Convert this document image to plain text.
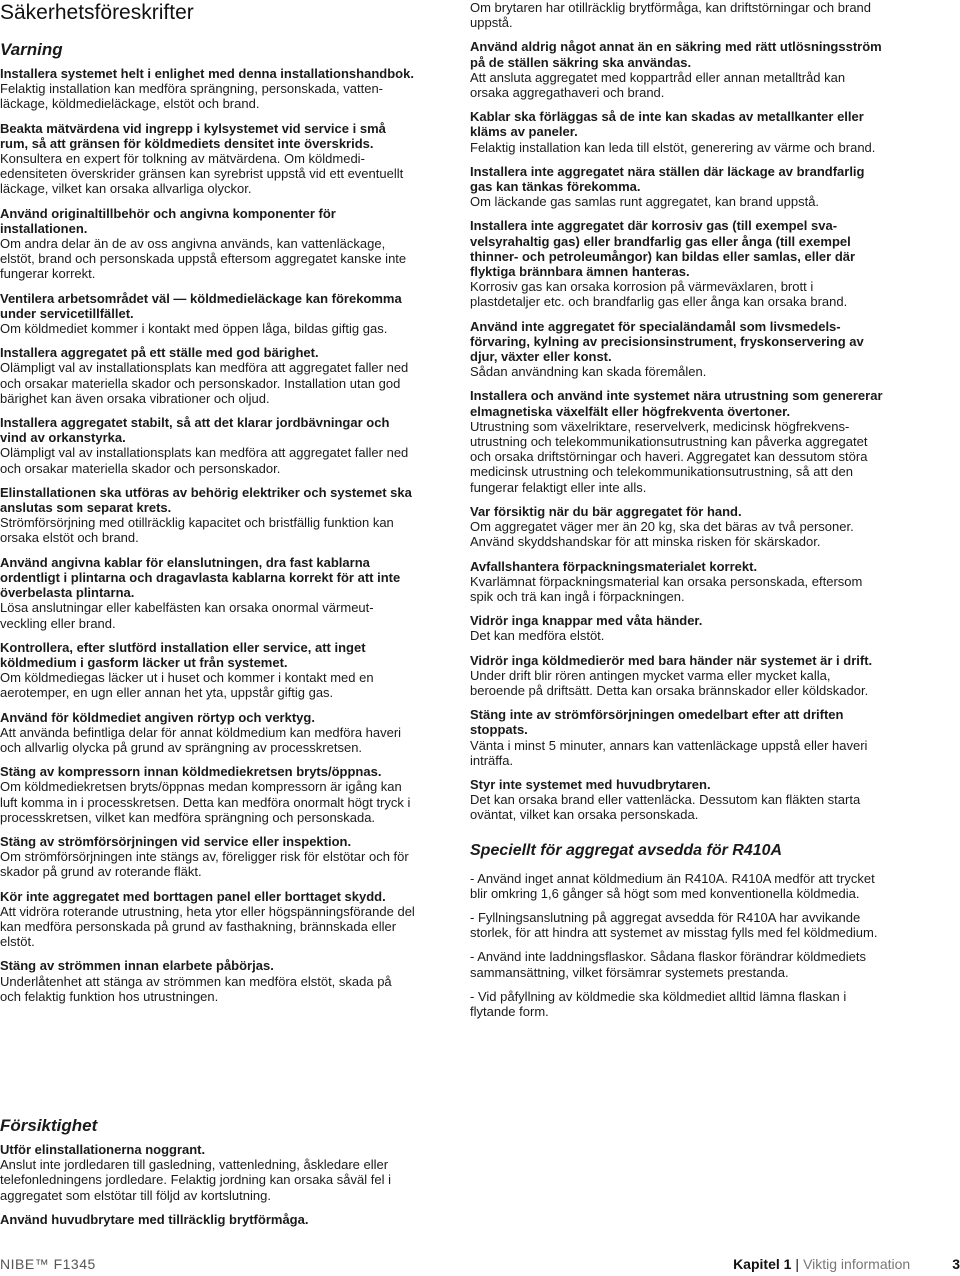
Säkerhetsföreskrifter
Varning
Installera systemet helt i enlighet med denna installationshandbok.
Felaktig installation kan medföra sprängning, personskada, vattenläckage, köldmedieläckage, elstöt och brand.
Beakta mätvärdena vid ingrepp i kylsystemet vid service i små rum, så att gränsen för köldmediets densitet inte överskrids.
Konsultera en expert för tolkning av mätvärdena. Om köldmediedensiteten överskrider gränsen kan syrebrist uppstå vid ett eventuellt läckage, vilket kan orsaka allvarliga olyckor.
Använd originaltillbehör och angivna komponenter för installationen.
Om andra delar än de av oss angivna används, kan vattenläckage, elstöt, brand och personskada uppstå eftersom aggregatet kanske inte fungerar korrekt.
Ventilera arbetsområdet väl — köldmedieläckage kan förekomma under servicetillfället.
Om köldmediet kommer i kontakt med öppen låga, bildas giftig gas.
Installera aggregatet på ett ställe med god bärighet.
Olämpligt val av installationsplats kan medföra att aggregatet faller ned och orsakar materiella skador och personskador. Installation utan god bärighet kan även orsaka vibrationer och oljud.
Installera aggregatet stabilt, så att det klarar jordbävningar och vind av orkanstyrka.
Olämpligt val av installationsplats kan medföra att aggregatet faller ned och orsakar materiella skador och personskador.
Elinstallationen ska utföras av behörig elektriker och systemet ska anslutas som separat krets.
Strömförsörjning med otillräcklig kapacitet och bristfällig funktion kan orsaka elstöt och brand.
Använd angivna kablar för elanslutningen, dra fast kablarna ordentligt i plintarna och dragavlasta kablarna korrekt för att inte överbelasta plintarna.
Lösa anslutningar eller kabelfästen kan orsaka onormal värmeutveckling eller brand.
Kontrollera, efter slutförd installation eller service, att inget köldmedium i gasform läcker ut från systemet.
Om köldmediegas läcker ut i huset och kommer i kontakt med en aerotemper, en ugn eller annan het yta, uppstår giftig gas.
Använd för köldmediet angiven rörtyp och verktyg.
Att använda befintliga delar för annat köldmedium kan medföra haveri och allvarlig olycka på grund av sprängning av processkretsen.
Stäng av kompressorn innan köldmediekretsen bryts/öppnas.
Om köldmediekretsen bryts/öppnas medan kompressorn är igång kan luft komma in i processkretsen. Detta kan medföra onormalt högt tryck i processkretsen, vilket kan medföra sprängning och personskada.
Stäng av strömförsörjningen vid service eller inspektion.
Om strömförsörjningen inte stängs av, föreligger risk för elstötar och för skador på grund av roterande fläkt.
Kör inte aggregatet med borttagen panel eller borttaget skydd.
Att vidröra roterande utrustning, heta ytor eller högspänningsförande del kan medföra personskada på grund av fasthakning, brännskada eller elstöt.
Stäng av strömmen innan elarbete påbörjas.
Underlåtenhet att stänga av strömmen kan medföra elstöt, skada på och felaktig funktion hos utrustningen.
Försiktighet
Utför elinstallationerna noggrant.
Anslut inte jordledaren till gasledning, vattenledning, åskledare eller telefonledningens jordledare. Felaktig jordning kan orsaka såväl fel i aggregatet som elstötar till följd av kortslutning.
Använd huvudbrytare med tillräcklig brytförmåga.
Om brytaren har otillräcklig brytförmåga, kan driftstörningar och brand uppstå.
Använd aldrig något annat än en säkring med rätt utlösningsström på de ställen säkring ska användas.
Att ansluta aggregatet med koppartråd eller annan metalltråd kan orsaka aggregathaveri och brand.
Kablar ska förläggas så de inte kan skadas av metallkanter eller kläms av paneler.
Felaktig installation kan leda till elstöt, generering av värme och brand.
Installera inte aggregatet nära ställen där läckage av brandfarlig gas kan tänkas förekomma.
Om läckande gas samlas runt aggregatet, kan brand uppstå.
Installera inte aggregatet där korrosiv gas (till exempel svavelsyrahaltig gas) eller brandfarlig gas eller ånga (till exempel thinner- och petroleumångor) kan bildas eller samlas, eller där flyktiga brännbara ämnen hanteras.
Korrosiv gas kan orsaka korrosion på värmeväxlaren, brott i plastdetaljer etc. och brandfarlig gas eller ånga kan orsaka brand.
Använd inte aggregatet för specialändamål som livsmedelsförvaring, kylning av precisionsinstrument, fryskonservering av djur, växter eller konst.
Sådan användning kan skada föremålen.
Installera och använd inte systemet nära utrustning som genererar elmagnetiska växelfält eller högfrekventa övertoner.
Utrustning som växelriktare, reservelverk, medicinsk högfrekvensutrustning och telekommunikationsutrustning kan påverka aggregatet och orsaka driftstörningar och haveri. Aggregatet kan dessutom störa medicinsk utrustning och telekommunikationsutrustning, så att den fungerar felaktigt eller inte alls.
Var försiktig när du bär aggregatet för hand.
Om aggregatet väger mer än 20 kg, ska det bäras av två personer. Använd skyddshandskar för att minska risken för skärskador.
Avfallshantera förpackningsmaterialet korrekt.
Kvarlämnat förpackningsmaterial kan orsaka personskada, eftersom spik och trä kan ingå i förpackningen.
Vidrör inga knappar med våta händer.
Det kan medföra elstöt.
Vidrör inga köldmedierör med bara händer när systemet är i drift.
Under drift blir rören antingen mycket varma eller mycket kalla, beroende på driftsätt. Detta kan orsaka brännskador eller köldskador.
Stäng inte av strömförsörjningen omedelbart efter att driften stoppats.
Vänta i minst 5 minuter, annars kan vattenläckage uppstå eller haveri inträffa.
Styr inte systemet med huvudbrytaren.
Det kan orsaka brand eller vattenläcka. Dessutom kan fläkten starta oväntat, vilket kan orsaka personskada.
Speciellt för aggregat avsedda för R410A
- Använd inget annat köldmedium än R410A. R410A medför att trycket blir omkring 1,6 gånger så högt som med konventionella köldmedia.
- Fyllningsanslutning på aggregat avsedda för R410A har avvikande storlek, för att hindra att systemet av misstag fylls med fel köldmedium.
- Använd inte laddningsflaskor. Sådana flaskor förändrar köldmediets sammansättning, vilket försämrar systemets prestanda.
- Vid påfyllning av köldmedie ska köldmediet alltid lämna flaskan i flytande form.
NIBE™ F1345	Kapitel 1 | Viktig information	3
